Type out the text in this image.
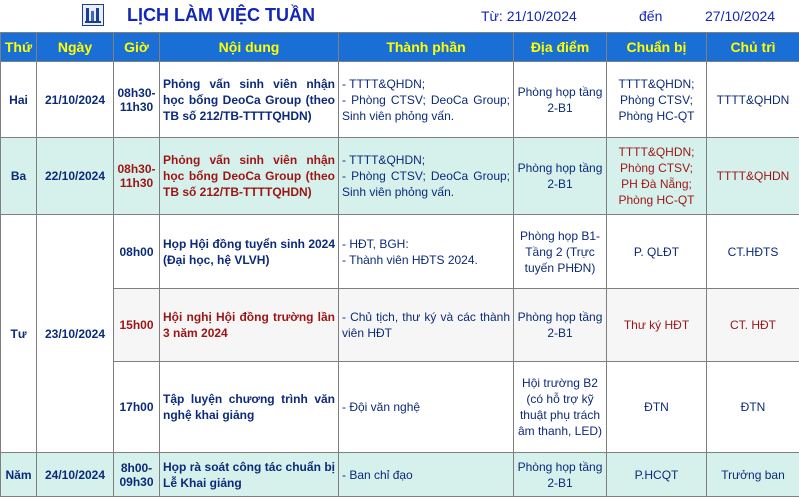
LỊCH LÀM VIỆC TUẦN	Từ: 21/10/2024	đến	27/10/2024
Thứ	Ngày	Giờ	Nội dung	Thành phần	Địa điểm	Chuẩn bị	Chủ trì
Hai	21/10/2024	08h30-11h30	Phỏng vấn sinh viên nhận học bổng DeoCa Group (theo TB số 212/TB-TTTTQHDN)	- TTTT&QHDN;
- Phòng CTSV; DeoCa Group; Sinh viên phỏng vấn.	Phòng họp tầng 2-B1	TTTT&QHDN;
Phòng CTSV;
Phòng HC-QT	TTTT&QHDN
Ba	22/10/2024	08h30-11h30	Phỏng vấn sinh viên nhận học bổng DeoCa Group (theo TB số 212/TB-TTTTQHDN)	- TTTT&QHDN;
- Phòng CTSV; DeoCa Group; Sinh viên phỏng vấn.	Phòng họp tầng 2-B1	TTTT&QHDN;
Phòng CTSV;
PH Đà Nẵng;
Phòng HC-QT	TTTT&QHDN
Tư	23/10/2024	08h00	Họp Hội đồng tuyển sinh 2024 (Đại học, hệ VLVH)	- HĐT, BGH:
- Thành viên HĐTS 2024.	Phòng họp B1- Tầng 2 (Trực tuyến PHĐN)	P. QLĐT	CT.HĐTS
		15h00	Hội nghị Hội đồng trường lần 3 năm 2024	- Chủ tịch, thư ký và các thành viên HĐT	Phòng họp tầng 2-B1	Thư ký HĐT	CT. HĐT
		17h00	Tập luyện chương trình văn nghệ khai giảng	- Đội văn nghệ	Hội trường B2 (có hỗ trợ kỹ thuật phụ trách âm thanh, LED)	ĐTN	ĐTN
Năm	24/10/2024	8h00-09h30	Họp rà soát công tác chuẩn bị Lễ Khai giảng	- Ban chỉ đạo	Phòng họp tầng 2-B1	P.HCQT	Trưởng ban
